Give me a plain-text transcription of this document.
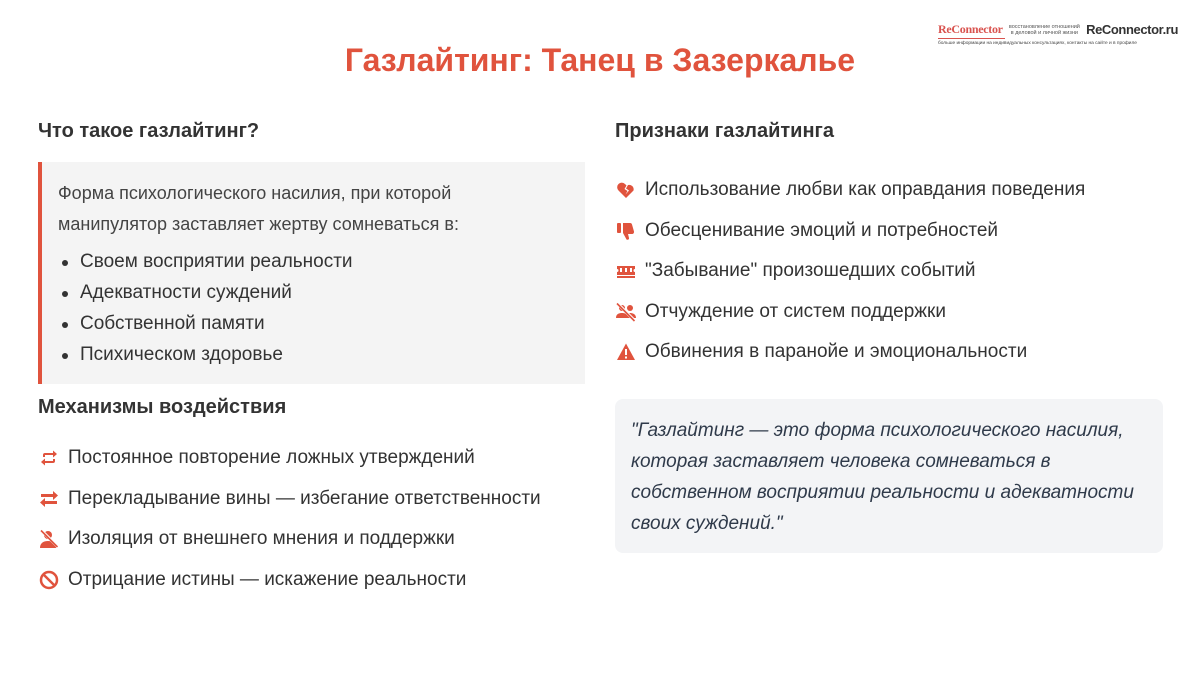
ReConnector восстановление отношений в деловой и личной жизни ReConnector.ru
больше информации на индивидуальных консультациях, контакты на сайте и в профиле
Газлайтинг: Танец в Зазеркалье
Что такое газлайтинг?

Форма психологического насилия, при которой манипулятор заставляет жертву сомневаться в:

Своем восприятии реальности
Адекватности суждений
Собственной памяти
Психическом здоровье
Механизмы воздействия
Постоянное повторение ложных утверждений
Перекладывание вины — избегание ответственности
Изоляция от внешнего мнения и поддержки
Отрицание истины — искажение реальности
Признаки газлайтинга
Использование любви как оправдания поведения
Обесценивание эмоций и потребностей
"Забывание" произошедших событий
Отчуждение от систем поддержки
Обвинения в паранойе и эмоциональности

"Газлайтинг — это форма психологического насилия, которая заставляет человека сомневаться в собственном восприятии реальности и адекватности своих суждений."
